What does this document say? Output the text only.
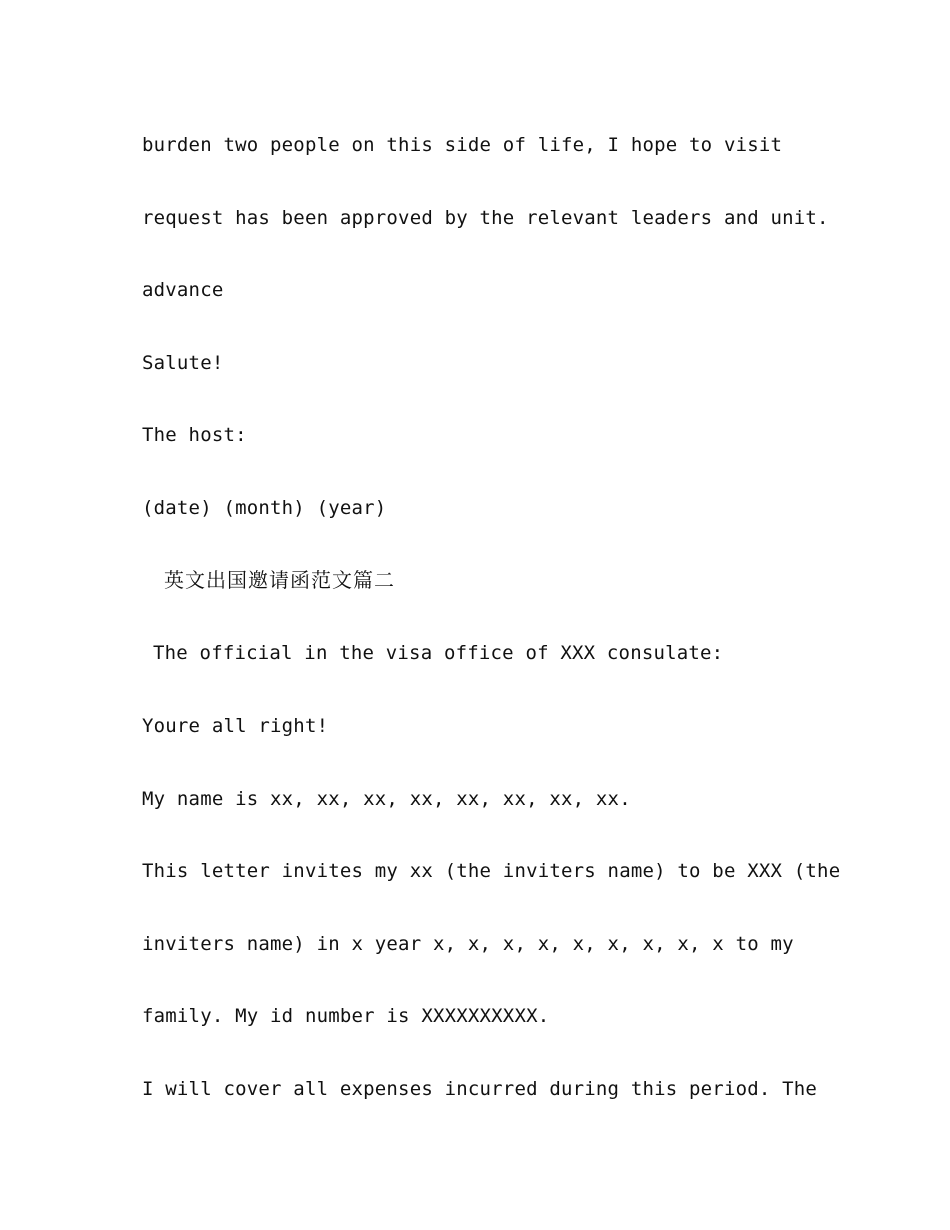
burden two people on this side of life, I hope to visit
request has been approved by the relevant leaders and unit.
advance
Salute!
The host:
(date) (month) (year)
英文出国邀请函范文篇二
The official in the visa office of XXX consulate:
Youre all right!
My name is xx, xx, xx, xx, xx, xx, xx, xx.
This letter invites my xx (the inviters name) to be XXX (the
inviters name) in x year x, x, x, x, x, x, x, x, x to my
family. My id number is XXXXXXXXXX.
I will cover all expenses incurred during this period. The
